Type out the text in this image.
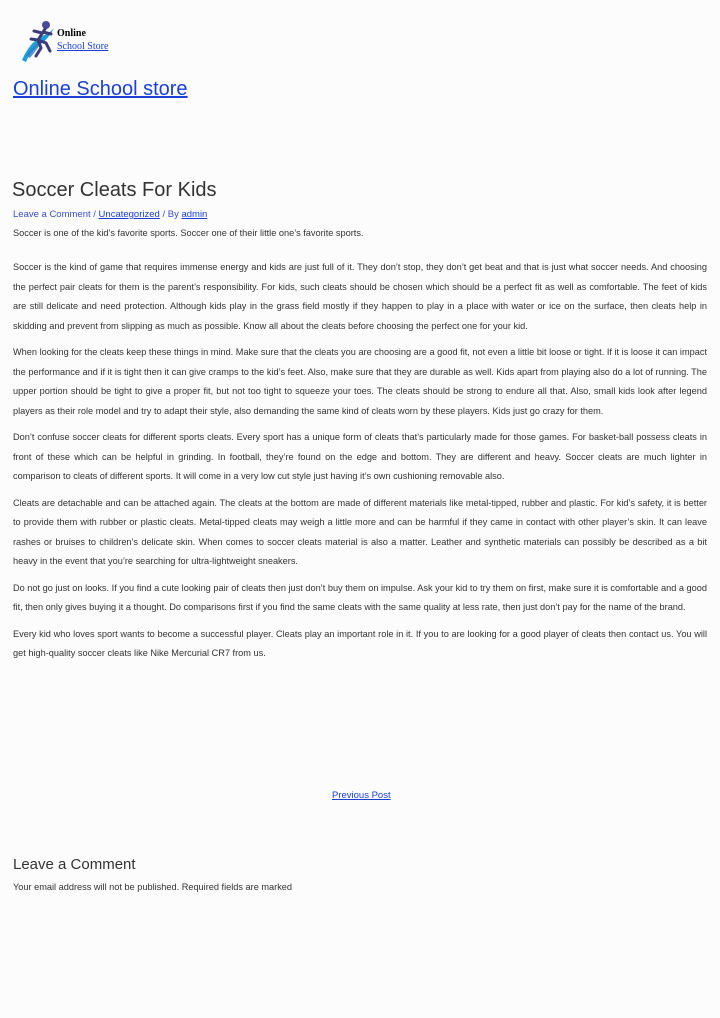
Online
School Store
Online School store
Soccer Cleats For Kids
Leave a Comment / Uncategorized / By admin

Soccer is one of the kid’s favorite sports. Soccer one of their little one’s favorite sports.

Soccer is the kind of game that requires immense energy and kids are just full of it. They don’t stop, they don’t get beat and that is just what soccer needs. And choosing the perfect pair cleats for them is the parent’s responsibility. For kids, such cleats should be chosen which should be a perfect fit as well as comfortable. The feet of kids are still delicate and need protection. Although kids play in the grass field mostly if they happen to play in a place with water or ice on the surface, then cleats help in skidding and prevent from slipping as much as possible. Know all about the cleats before choosing the perfect one for your kid.

When looking for the cleats keep these things in mind. Make sure that the cleats you are choosing are a good fit, not even a little bit loose or tight. If it is loose it can impact the performance and if it is tight then it can give cramps to the kid’s feet. Also, make sure that they are durable as well. Kids apart from playing also do a lot of running. The upper portion should be tight to give a proper fit, but not too tight to squeeze your toes. The cleats should be strong to endure all that. Also, small kids look after legend players as their role model and try to adapt their style, also demanding the same kind of cleats worn by these players. Kids just go crazy for them.

Don’t confuse soccer cleats for different sports cleats. Every sport has a unique form of cleats that’s particularly made for those games. For basket-ball possess cleats in front of these which can be helpful in grinding. In football, they’re found on the edge and bottom. They are different and heavy. Soccer cleats are much lighter in comparison to cleats of different sports. It will come in a very low cut style just having it’s own cushioning removable also.

Cleats are detachable and can be attached again. The cleats at the bottom are made of different materials like metal-tipped, rubber and plastic. For kid’s safety, it is better to provide them with rubber or plastic cleats. Metal-tipped cleats may weigh a little more and can be harmful if they came in contact with other player’s skin. It can leave rashes or bruises to children’s delicate skin. When comes to soccer cleats material is also a matter. Leather and synthetic materials can possibly be described as a bit heavy in the event that you’re searching for ultra-lightweight sneakers.

Do not go just on looks. If you find a cute looking pair of cleats then just don’t buy them on impulse. Ask your kid to try them on first, make sure it is comfortable and a good fit, then only gives buying it a thought. Do comparisons first if you find the same cleats with the same quality at less rate, then just don’t pay for the name of the brand.

Every kid who loves sport wants to become a successful player. Cleats play an important role in it. If you to are looking for a good player of cleats then contact us. You will get high-quality soccer cleats like Nike Mercurial CR7 from us.

Previous Post
Leave a Comment
Your email address will not be published. Required fields are marked
